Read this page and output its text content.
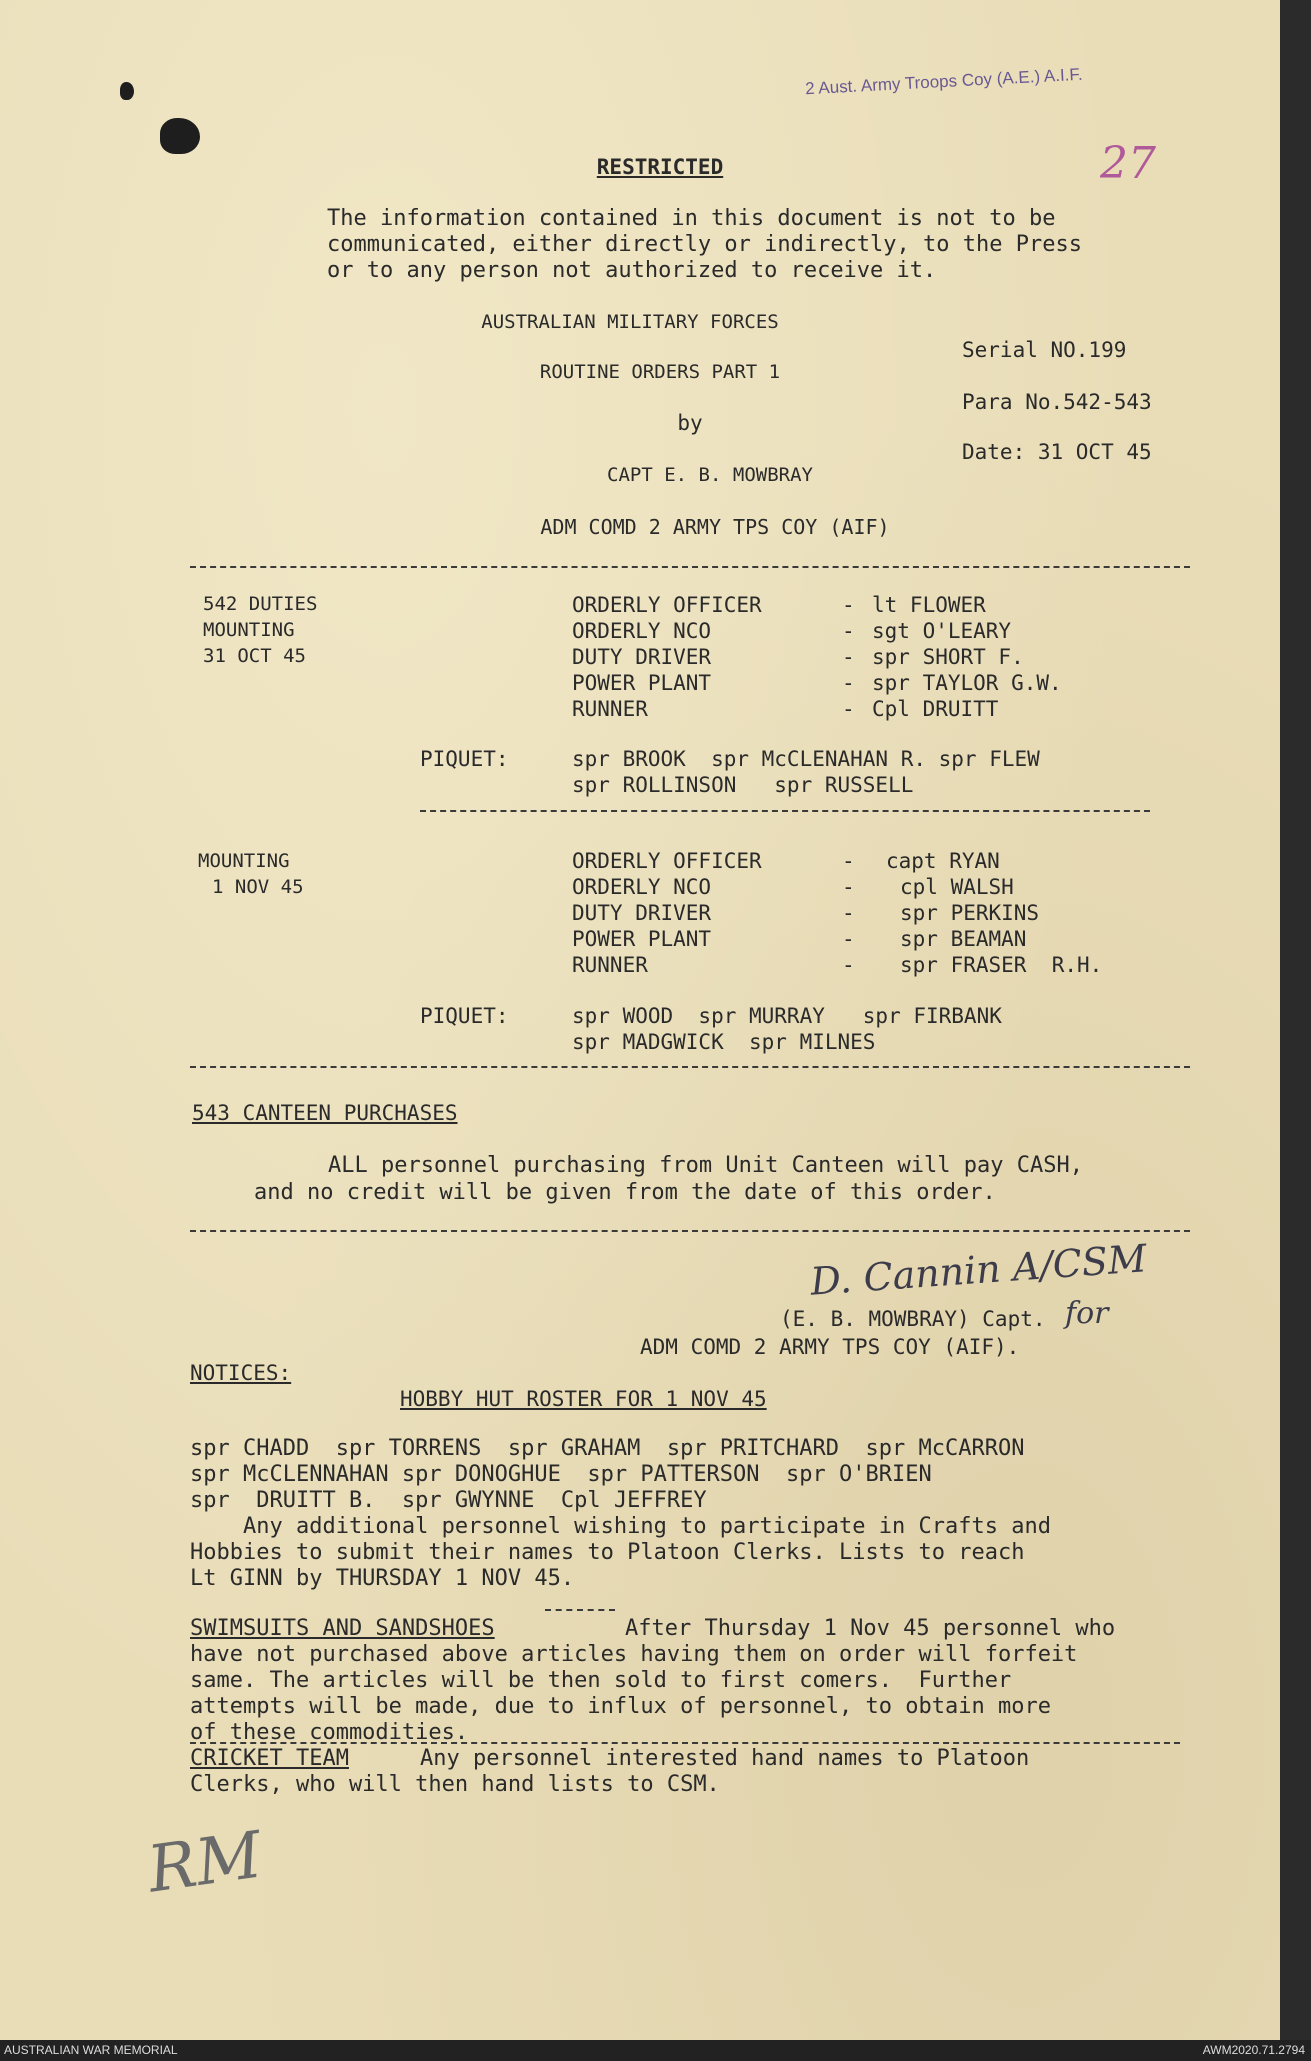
2 Aust. Army Troops Coy (A.E.) A.I.F.
27
RESTRICTED
The information contained in this document is not to be
communicated, either directly or indirectly, to the Press
or to any person not authorized to receive it.
AUSTRALIAN MILITARY FORCES
ROUTINE ORDERS PART 1
by
CAPT E. B. MOWBRAY
ADM COMD 2 ARMY TPS COY (AIF)
Serial NO.199
Para No.542-543
Date: 31 OCT 45
542 DUTIES
MOUNTING
31 OCT 45
ORDERLY OFFICER	- lt FLOWER
ORDERLY NCO	- sgt O'LEARY
DUTY DRIVER	- spr SHORT F.
POWER PLANT	- spr TAYLOR G.W.
RUNNER	- Cpl DRUITT
PIQUET:	spr BROOK  spr McCLENAHAN R. spr FLEW
spr ROLLINSON   spr RUSSELL
MOUNTING
1 NOV 45
ORDERLY OFFICER	- capt RYAN
ORDERLY NCO	- cpl WALSH
DUTY DRIVER	- spr PERKINS
POWER PLANT	- spr BEAMAN
RUNNER	- spr FRASER  R.H.
PIQUET:	spr WOOD  spr MURRAY   spr FIRBANK
spr MADGWICK  spr MILNES
543 CANTEEN PURCHASES
ALL personnel purchasing from Unit Canteen will pay CASH,
and no credit will be given from the date of this order.
D. Cannin A/CSM
(E. B. MOWBRAY) Capt. for
ADM COMD 2 ARMY TPS COY (AIF).
NOTICES:
HOBBY HUT ROSTER FOR 1 NOV 45
spr CHADD  spr TORRENS  spr GRAHAM  spr PRITCHARD  spr McCARRON
spr McCLENNAHAN spr DONOGHUE  spr PATTERSON  spr O'BRIEN
spr  DRUITT B.  spr GWYNNE  Cpl JEFFREY
Any additional personnel wishing to participate in Crafts and
Hobbies to submit their names to Platoon Clerks. Lists to reach
Lt GINN by THURSDAY 1 NOV 45.
SWIMSUITS AND SANDSHOES	After Thursday 1 Nov 45 personnel who
have not purchased above articles having them on order will forfeit
same. The articles will be then sold to first comers.  Further
attempts will be made, due to influx of personnel, to obtain more
of these commodities.
CRICKET TEAM	Any personnel interested hand names to Platoon
Clerks, who will then hand lists to CSM.
RM
AUSTRALIAN WAR MEMORIAL	AWM2020.71.2794
